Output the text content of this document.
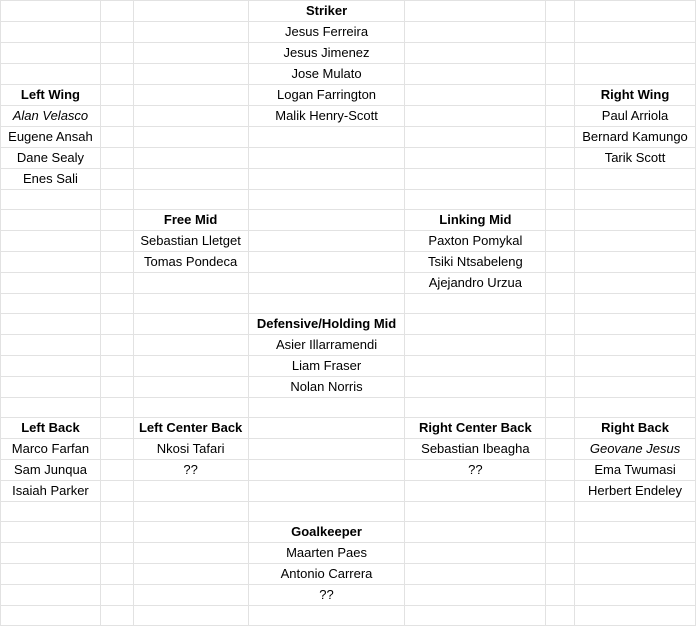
			Striker			
			Jesus Ferreira			
			Jesus Jimenez			
			Jose Mulato			
Left Wing			Logan Farrington			Right Wing
Alan Velasco			Malik Henry-Scott			Paul Arriola
Eugene Ansah						Bernard Kamungo
Dane Sealy						Tarik Scott
Enes Sali						

		Free Mid		Linking Mid		
		Sebastian Lletget		Paxton Pomykal		
		Tomas Pondeca		Tsiki Ntsabeleng		
				Ajejandro Urzua		

			Defensive/Holding Mid			
			Asier Illarramendi			
			Liam Fraser			
			Nolan Norris			

Left Back		Left Center Back		Right Center Back		Right Back
Marco Farfan		Nkosi Tafari		Sebastian Ibeagha		Geovane Jesus
Sam Junqua		??		??		Ema Twumasi
Isaiah Parker						Herbert Endeley

			Goalkeeper			
			Maarten Paes			
			Antonio Carrera			
			??			
